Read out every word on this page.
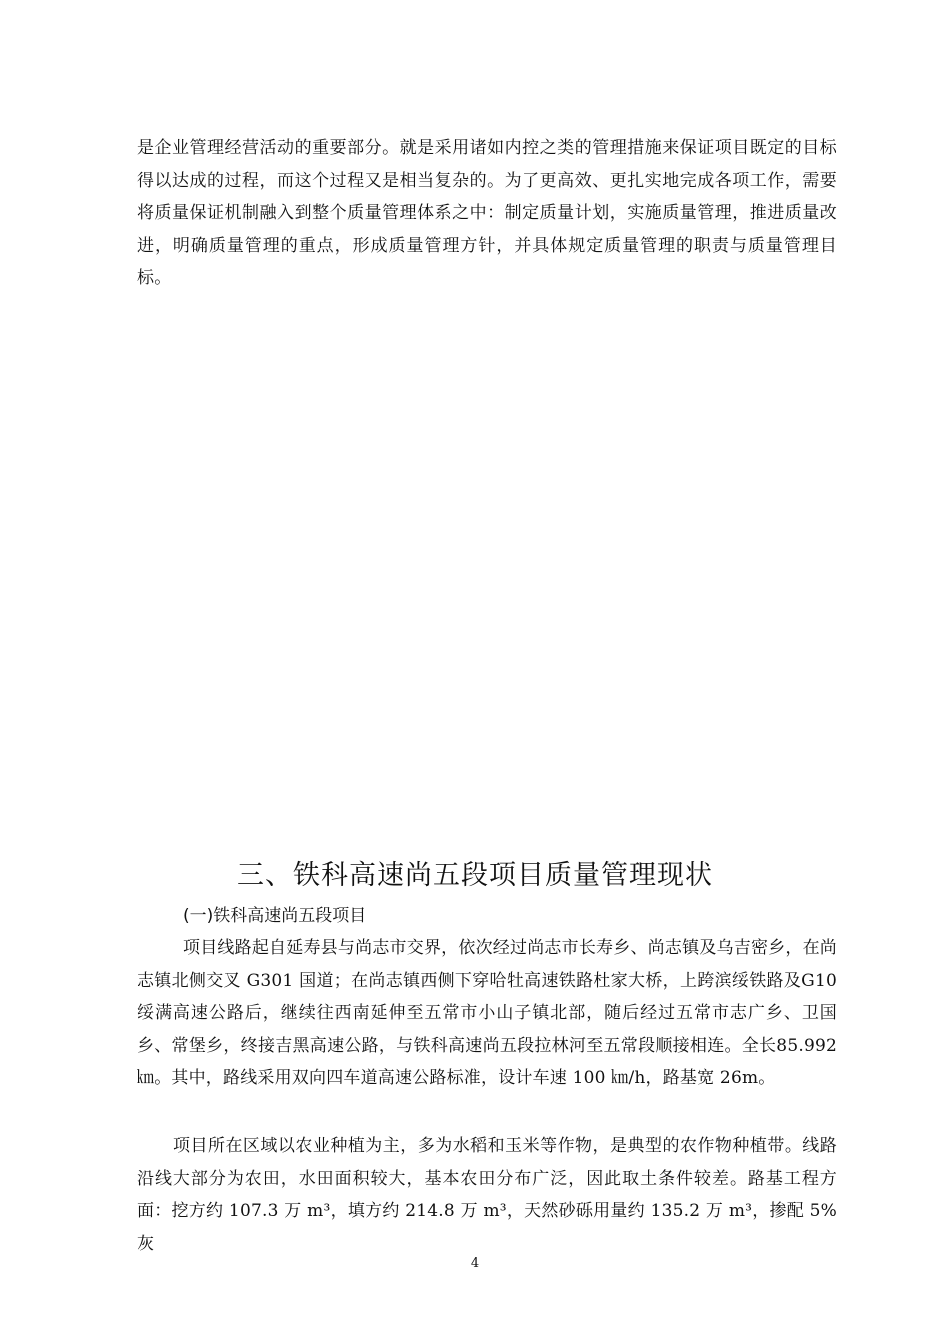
是企业管理经营活动的重要部分。就是采用诸如内控之类的管理措施来保证项目既定的目标得以达成的过程，而这个过程又是相当复杂的。为了更高效、更扎实地完成各项工作，需要将质量保证机制融入到整个质量管理体系之中：制定质量计划，实施质量管理，推进质量改进，明确质量管理的重点，形成质量管理方针，并具体规定质量管理的职责与质量管理目标。

三、铁科高速尚五段项目质量管理现状
(一)铁科高速尚五段项目

项目线路起自延寿县与尚志市交界，依次经过尚志市长寿乡、尚志镇及乌吉密乡，在尚志镇北侧交叉 G301 国道；在尚志镇西侧下穿哈牡高速铁路杜家大桥，上跨滨绥铁路及G10 绥满高速公路后，继续往西南延伸至五常市小山子镇北部，随后经过五常市志广乡、卫国乡、常堡乡，终接吉黑高速公路，与铁科高速尚五段拉林河至五常段顺接相连。全长85.992 ㎞。其中，路线采用双向四车道高速公路标准，设计车速 100 ㎞/h，路基宽 26m。

项目所在区域以农业种植为主，多为水稻和玉米等作物，是典型的农作物种植带。线路沿线大部分为农田，水田面积较大，基本农田分布广泛，因此取土条件较差。路基工程方面：挖方约 107.3 万 m³，填方约 214.8 万 m³，天然砂砾用量约 135.2 万 m³，掺配 5%灰

4
